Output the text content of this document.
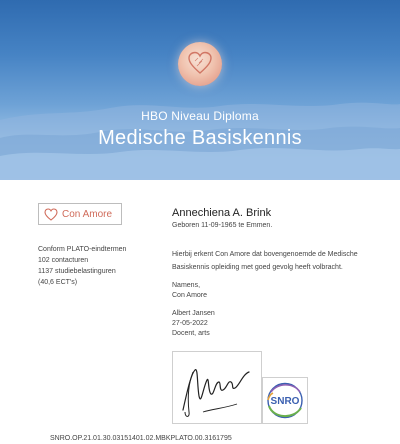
HBO Niveau Diploma
Medische Basiskennis
Con Amore
Conform PLATO-eindtermen
102 contacturen
1137 studiebelastinguren
(40,6 ECT's)
Annechiena A. Brink
Geboren 11-09-1965 te Emmen.
Hierbij erkent Con Amore dat bovengenoemde de Medische Basiskennis opleiding met goed gevolg heeft volbracht.
Namens,
Con Amore
Albert Jansen
27-05-2022
Docent, arts
SNRO
SNRO.OP.21.01.30.03151401.02.MBKPLATO.00.3161795
